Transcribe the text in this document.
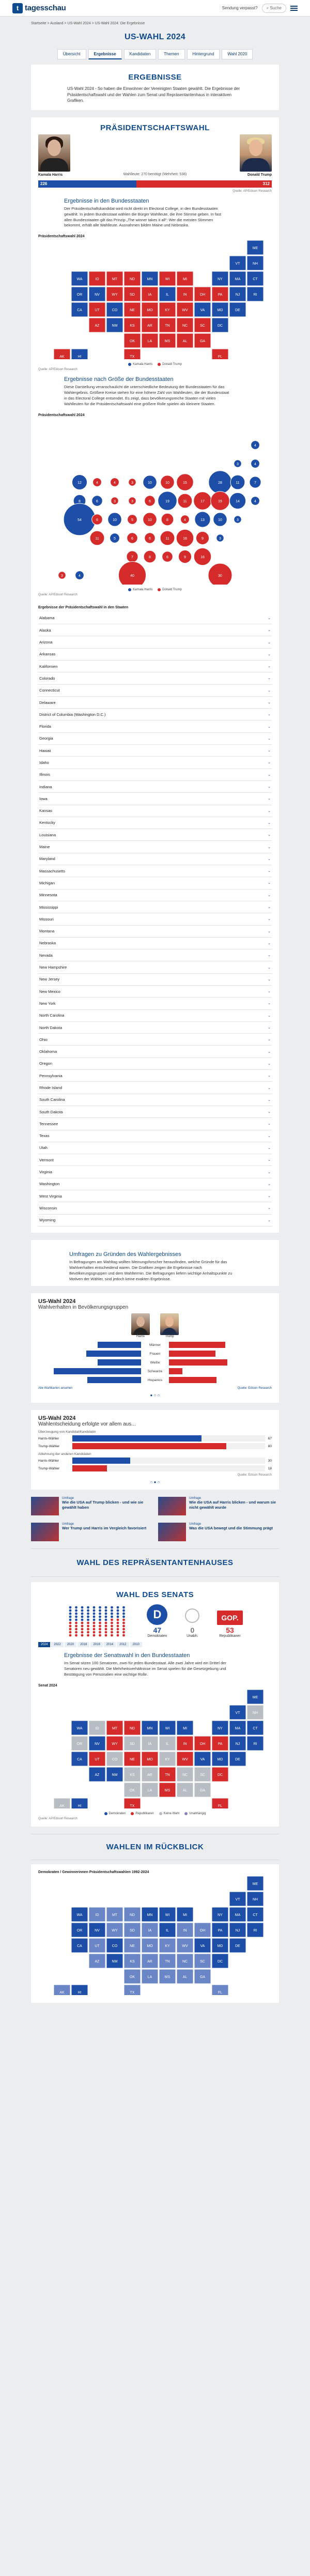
t tagesschau	Sendung verpasst?	⌕ Suche
Startseite > Ausland > US-Wahl 2024 > US-Wahl 2024: Die Ergebnisse
US-WAHL 2024
Übersicht	Ergebnisse	Kandidaten	Themen	Hintergrund	Wahl 2020
ERGEBNISSE

US-Wahl 2024 - So haben die Einwohner der Vereinigten Staaten gewählt. Die Ergebnisse der Präsidentschaftswahl und der Wahlen zum Senat und Repräsentantenhaus in interaktiven Grafiken.

PRÄSIDENTSCHAFTSWAHL
Kamala Harris	Wahlleute: 270 benötigt (Mehrheit: 538)	Donald Trump
226	312
Quelle: AP/Edison Research
Ergebnisse in den Bundesstaaten

Der Präsidentschaftskandidat wird nicht direkt im Electoral College, in den Bundesstaaten gewählt. In jedem Bundesstaat wählen die Bürger Wahlleute, die ihre Stimme geben. In fast allen Bundesstaaten gilt das Prinzip „The winner takes it all“: Wer die meisten Stimmen bekommt, erhält alle Wahlleute. Ausnahmen bilden Maine und Nebraska.

Präsidentschaftswahl 2024
WA	ID	MT	ND	MN	WI	MI	NY
VT	NH
ME
OR	NV	WY	SD	IA	IL	IN	OH	PA	NJ
MA	CT
RI
CA	UT	CO	NE	MO	KY	WV	VA	MD	DE
AZ	NM	KS	AR	TN	NC	SC	DC
OK	LA	MS	AL	GA
TX	FL
AK	HI
Kamala Harris	Donald Trump
Quelle: AP/Edison Research
Ergebnisse nach Größe der Bundesstaaten

Diese Darstellung veranschaulicht die unterschiedliche Bedeutung der Bundesstaaten für das Wahlergebnis. Größere Kreise stehen für eine höhere Zahl von Wahlleuten, die der Bundesstaat in das Electoral College entsendet. Es zeigt, dass bevölkerungsreiche Staaten mit vielen Wahlleuten für die Präsidentschaftswahl eine größere Rolle spielen als kleinere Staaten.

Präsidentschaftswahl 2024
12	4	4	3	10	10	15	28
3	4
4
8	6	3	3	6	19	11	17	19	14
11	7
4
54	6	10	5	10	8	4	13	10	3
11	5	6	6	11	16	9	3
7	8	6	9	16
40	30
3	4
Kamala Harris	Donald Trump
Quelle: AP/Edison Research
Ergebnisse der Präsidentschaftswahl in den Staaten
Alabama	⌄
Alaska	⌄
Arizona	⌄
Arkansas	⌄
Kalifornien	⌄
Colorado	⌄
Connecticut	⌄
Delaware	⌄
District of Columbia (Washington D.C.)	⌄
Florida	⌄
Georgia	⌄
Hawaii	⌄
Idaho	⌄
Illinois	⌄
Indiana	⌄
Iowa	⌄
Kansas	⌄
Kentucky	⌄
Louisiana	⌄
Maine	⌄
Maryland	⌄
Massachusetts	⌄
Michigan	⌄
Minnesota	⌄
Mississippi	⌄
Missouri	⌄
Montana	⌄
Nebraska	⌄
Nevada	⌄
New Hampshire	⌄
New Jersey	⌄
New Mexico	⌄
New York	⌄
North Carolina	⌄
North Dakota	⌄
Ohio	⌄
Oklahoma	⌄
Oregon	⌄
Pennsylvania	⌄
Rhode Island	⌄
South Carolina	⌄
South Dakota	⌄
Tennessee	⌄
Texas	⌄
Utah	⌄
Vermont	⌄
Virginia	⌄
Washington	⌄
West Virginia	⌄
Wisconsin	⌄
Wyoming	⌄
Umfragen zu Gründen des Wahlergebnisses

In Befragungen am Wahltag wollten Meinungsforscher herausfinden, welche Gründe für das Wahlverhalten entscheidend waren. Die Grafiken zeigen die Ergebnisse nach Bevölkerungsgruppen und dem Wahltermin. Die Befragungen liefern wichtige Anhaltspunkte zu Motiven der Wähler, sind jedoch keine exakten Ergebnisse.

US-Wahl 2024
Wahlverhalten in Bevölkerungsgruppen
Harris	Trump
Männer
Frauen
Weiße
Schwarze
Hispanics
Alle Wahlkarten ansehen	Quelle: Edison Research
● ○ ○
US-Wahl 2024
Wahlentscheidung erfolgte vor allem aus...
Überzeugung von Kandidat/Kandidatin
Harris-Wähler	67
Trump-Wähler	80
Ablehnung der anderen Kandidaten
Harris-Wähler	30
Trump-Wähler	18
Quelle: Edison Research
○ ● ○
Umfrage
Wie die USA auf Trump blicken - und wie sie gewählt haben
Umfrage
Wie die USA auf Harris blicken - und warum sie nicht gewählt wurde
Umfrage
Wer Trump und Harris im Vergleich favorisiert
Umfrage
Was die USA bewegt und die Stimmung prägt
WAHL DES REPRÄSENTANTENHAUSES
WAHL DES SENATS
D
47
Demokraten
0
Unabh.
GOP.
53
Republikaner
2024	2022	2020	2018	2016	2014	2012	2010
Ergebnisse der Senatswahl in den Bundesstaaten

Im Senat sitzen 100 Senatoren, zwei für jeden Bundesstaat. Alle zwei Jahre wird ein Drittel der Senatoren neu gewählt. Die Mehrheitsverhältnisse im Senat spielen für die Gesetzgebung und Bestätigung von Personalien eine wichtige Rolle.

Senat 2024
WA	ID	MT	ND	MN	WI	MI	NY
VT	NH
ME
OR	NV	WY	SD	IA	IL	IN	OH	PA	NJ
MA	CT
RI
CA	UT	CO	NE	MO	KY	WV	VA	MD	DE
AZ	NM	KS	AR	TN	NC	SC	DC
OK	LA	MS	AL	GA
TX	FL
AK	HI
Demokraten	Republikaner	Keine Wahl	Unabhängig
Quelle: AP/Edison Research
WAHLEN IM RÜCKBLICK
Demokraten / Gewinnerinnen Präsidentschaftswahlen 1992-2024
WA	ID	MT	ND	MN	WI	MI	NY
VT	NH
ME
OR	NV	WY	SD	IA	IL	IN	OH	PA	NJ
MA	CT
RI
CA	UT	CO	NE	MO	KY	WV	VA	MD	DE
AZ	NM	KS	AR	TN	NC	SC	DC
OK	LA	MS	AL	GA
TX	FL
AK	HI
